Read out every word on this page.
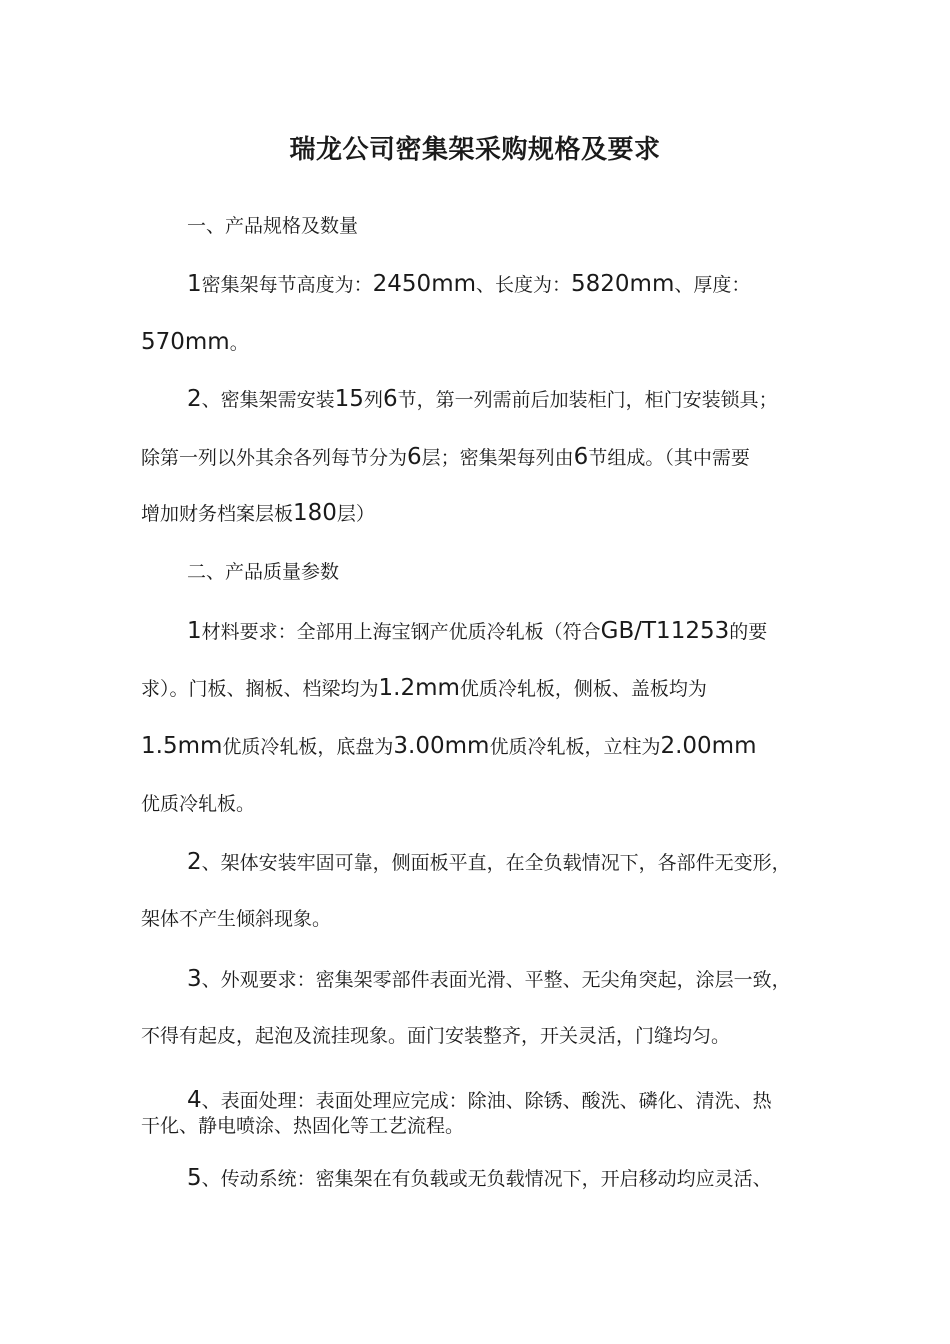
瑞龙公司密集架采购规格及要求
一、产品规格及数量
1密集架每节高度为：2450mm、长度为：5820mm、厚度：
570mm。
2、密集架需安装15列6节，第一列需前后加装柜门，柜门安装锁具；
除第一列以外其余各列每节分为6层；密集架每列由6节组成。（其中需要
增加财务档案层板180层）
二、产品质量参数
1材料要求：全部用上海宝钢产优质冷轧板（符合GB/T11253的要
求）。门板、搁板、档梁均为1.2mm优质冷轧板，侧板、盖板均为
1.5mm优质冷轧板，底盘为3.00mm优质冷轧板，立柱为2.00mm
优质冷轧板。
2、架体安装牢固可靠，侧面板平直，在全负载情况下，各部件无变形，
架体不产生倾斜现象。
3、外观要求：密集架零部件表面光滑、平整、无尖角突起，涂层一致，
不得有起皮，起泡及流挂现象。面门安装整齐，开关灵活，门缝均匀。
4、表面处理：表面处理应完成：除油、除锈、酸洗、磷化、清洗、热
干化、静电喷涂、热固化等工艺流程。
5、传动系统：密集架在有负载或无负载情况下，开启移动均应灵活、
